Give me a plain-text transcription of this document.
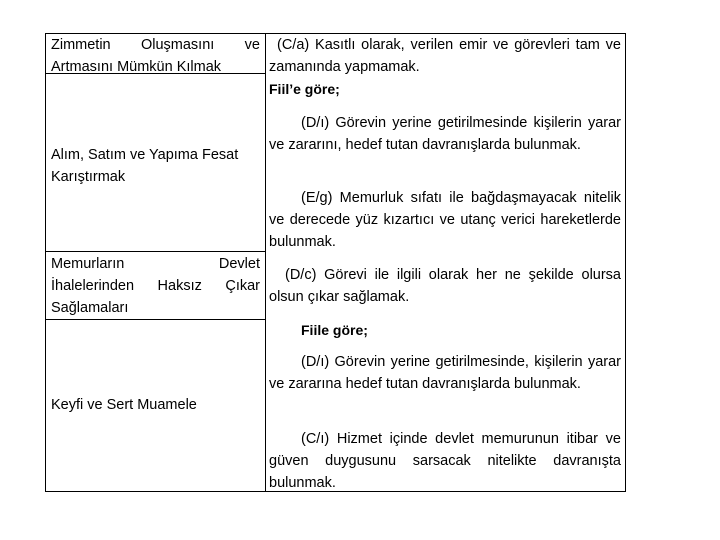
Zimmetin Oluşmasını ve
Artmasını Mümkün Kılmak
Alım, Satım ve Yapıma Fesat
Karıştırmak
Memurların Devlet
İhalelerinden Haksız Çıkar
Sağlamaları
Keyfi ve Sert Muamele
(C/a) Kasıtlı olarak, verilen emir ve görevleri tam ve zamanında yapmamak.
Fiil’e göre;
(D/ı) Görevin yerine getirilmesinde kişilerin yarar ve zararını, hedef tutan davranışlarda bulunmak.
(E/g) Memurluk sıfatı ile bağdaşmayacak nitelik ve derecede yüz kızartıcı ve utanç verici hareketlerde bulunmak.
(D/c) Görevi ile ilgili olarak her ne şekilde olursa olsun çıkar sağlamak.
Fiile göre;
(D/ı) Görevin yerine getirilmesinde, kişilerin yarar ve zararına hedef tutan davranışlarda bulunmak.
(C/ı) Hizmet içinde devlet memurunun itibar ve güven duygusunu sarsacak nitelikte davranışta bulunmak.
